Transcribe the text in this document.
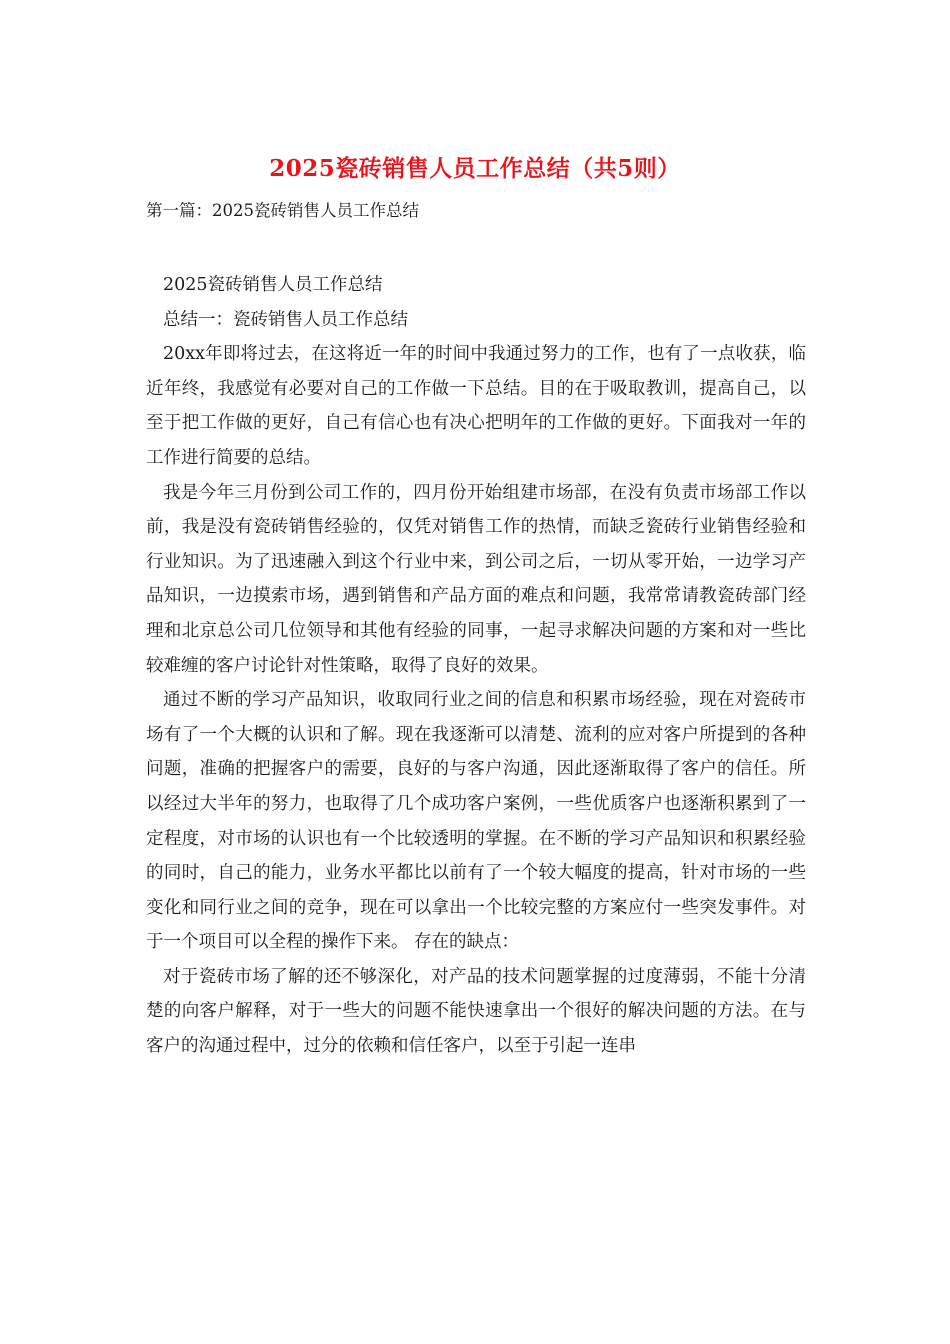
2025瓷砖销售人员工作总结（共5则）
第一篇：2025瓷砖销售人员工作总结

2025瓷砖销售人员工作总结

总结一：瓷砖销售人员工作总结

20xx年即将过去，在这将近一年的时间中我通过努力的工作，也有了一点收获，临近年终，我感觉有必要对自己的工作做一下总结。目的在于吸取教训，提高自己，以至于把工作做的更好，自己有信心也有决心把明年的工作做的更好。下面我对一年的工作进行简要的总结。

我是今年三月份到公司工作的，四月份开始组建市场部，在没有负责市场部工作以前，我是没有瓷砖销售经验的，仅凭对销售工作的热情，而缺乏瓷砖行业销售经验和行业知识。为了迅速融入到这个行业中来，到公司之后，一切从零开始，一边学习产品知识，一边摸索市场，遇到销售和产品方面的难点和问题，我常常请教瓷砖部门经理和北京总公司几位领导和其他有经验的同事，一起寻求解决问题的方案和对一些比较难缠的客户讨论针对性策略，取得了良好的效果。

通过不断的学习产品知识，收取同行业之间的信息和积累市场经验，现在对瓷砖市场有了一个大概的认识和了解。现在我逐渐可以清楚、流利的应对客户所提到的各种问题，准确的把握客户的需要，良好的与客户沟通，因此逐渐取得了客户的信任。所以经过大半年的努力，也取得了几个成功客户案例，一些优质客户也逐渐积累到了一定程度，对市场的认识也有一个比较透明的掌握。在不断的学习产品知识和积累经验的同时，自己的能力，业务水平都比以前有了一个较大幅度的提高，针对市场的一些变化和同行业之间的竞争，现在可以拿出一个比较完整的方案应付一些突发事件。对于一个项目可以全程的操作下来。 存在的缺点：

对于瓷砖市场了解的还不够深化，对产品的技术问题掌握的过度薄弱，不能十分清楚的向客户解释，对于一些大的问题不能快速拿出一个很好的解决问题的方法。在与客户的沟通过程中，过分的依赖和信任客户，以至于引起一连串
